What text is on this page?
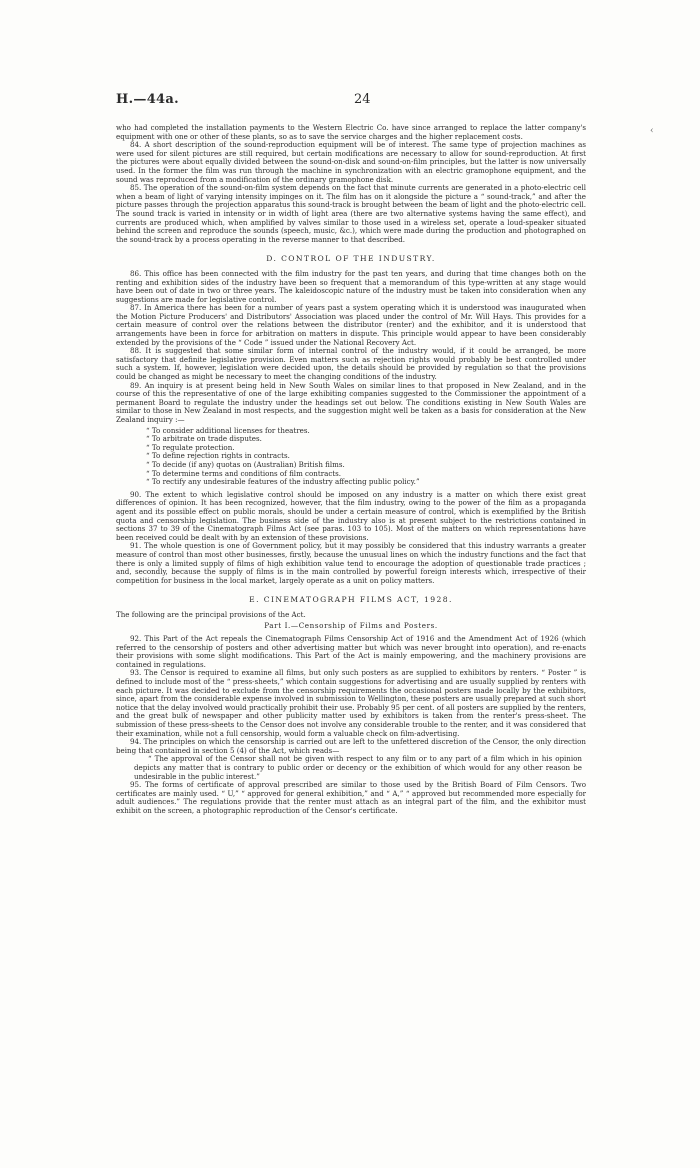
H.—44a.	24
‹

who had completed the installation payments to the Western Electric Co. have since arranged to replace the latter company's equipment with one or other of these plants, so as to save the service charges and the higher replacement costs.

84. A short description of the sound-reproduction equipment will be of interest. The same type of projection machines as were used for silent pictures are still required, but certain modifications are necessary to allow for sound-reproduction. At first the pictures were about equally divided between the sound-on-disk and sound-on-film principles, but the latter is now universally used. In the former the film was run through the machine in synchronization with an electric gramophone equipment, and the sound was reproduced from a modification of the ordinary gramophone disk.

85. The operation of the sound-on-film system depends on the fact that minute currents are generated in a photo-electric cell when a beam of light of varying intensity impinges on it. The film has on it alongside the picture a “ sound-track,” and after the picture passes through the projection apparatus this sound-track is brought between the beam of light and the photo-electric cell. The sound track is varied in intensity or in width of light area (there are two alternative systems having the same effect), and currents are produced which, when amplified by valves similar to those used in a wireless set, operate a loud-speaker situated behind the screen and reproduce the sounds (speech, music, &c.), which were made during the production and photographed on the sound-track by a process operating in the reverse manner to that described.

D. CONTROL OF THE INDUSTRY.

86. This office has been connected with the film industry for the past ten years, and during that time changes both on the renting and exhibition sides of the industry have been so frequent that a memorandum of this type-written at any stage would have been out of date in two or three years. The kaleidoscopic nature of the industry must be taken into consideration when any suggestions are made for legislative control.

87. In America there has been for a number of years past a system operating which it is understood was inaugurated when the Motion Picture Producers' and Distributors' Association was placed under the control of Mr. Will Hays. This provides for a certain measure of control over the relations between the distributor (renter) and the exhibitor, and it is understood that arrangements have been in force for arbitration on matters in dispute. This principle would appear to have been considerably extended by the provisions of the “ Code ” issued under the National Recovery Act.

88. It is suggested that some similar form of internal control of the industry would, if it could be arranged, be more satisfactory that definite legislative provision. Even matters such as rejection rights would probably be best controlled under such a system. If, however, legislation were decided upon, the details should be provided by regulation so that the provisions could be changed as might be necessary to meet the changing conditions of the industry.

89. An inquiry is at present being held in New South Wales on similar lines to that proposed in New Zealand, and in the course of this the representative of one of the large exhibiting companies suggested to the Commissioner the appointment of a permanent Board to regulate the industry under the headings set out below. The conditions existing in New South Wales are similar to those in New Zealand in most respects, and the suggestion might well be taken as a basis for consideration at the New Zealand inquiry :—

“ To consider additional licenses for theatres.
“ To arbitrate on trade disputes.
“ To regulate protection.
“ To define rejection rights in contracts.
“ To decide (if any) quotas on (Australian) British films.
“ To determine terms and conditions of film contracts.
“ To rectify any undesirable features of the industry affecting public policy.”

90. The extent to which legislative control should be imposed on any industry is a matter on which there exist great differences of opinion. It has been recognized, however, that the film industry, owing to the power of the film as a propaganda agent and its possible effect on public morals, should be under a certain measure of control, which is exemplified by the British quota and censorship legislation. The business side of the industry also is at present subject to the restrictions contained in sections 37 to 39 of the Cinematograph Films Act (see paras. 103 to 105). Most of the matters on which representations have been received could be dealt with by an extension of these provisions.

91. The whole question is one of Government policy, but it may possibly be considered that this industry warrants a greater measure of control than most other businesses, firstly, because the unusual lines on which the industry functions and the fact that there is only a limited supply of films of high exhibition value tend to encourage the adoption of questionable trade practices ; and, secondly, because the supply of films is in the main controlled by powerful foreign interests which, irrespective of their competition for business in the local market, largely operate as a unit on policy matters.

E. CINEMATOGRAPH FILMS ACT, 1928.

The following are the principal provisions of the Act.

Part I.—Censorship of Films and Posters.

92. This Part of the Act repeals the Cinematograph Films Censorship Act of 1916 and the Amendment Act of 1926 (which referred to the censorship of posters and other advertising matter but which was never brought into operation), and re-enacts their provisions with some slight modifications. This Part of the Act is mainly empowering, and the machinery provisions are contained in regulations.

93. The Censor is required to examine all films, but only such posters as are supplied to exhibitors by renters. “ Poster ” is defined to include most of the “ press-sheets,” which contain suggestions for advertising and are usually supplied by renters with each picture. It was decided to exclude from the censorship requirements the occasional posters made locally by the exhibitors, since, apart from the considerable expense involved in submission to Wellington, these posters are usually prepared at such short notice that the delay involved would practically prohibit their use. Probably 95 per cent. of all posters are supplied by the renters, and the great bulk of newspaper and other publicity matter used by exhibitors is taken from the renter's press-sheet. The submission of these press-sheets to the Censor does not involve any considerable trouble to the renter, and it was considered that their examination, while not a full censorship, would form a valuable check on film-advertising.

94. The principles on which the censorship is carried out are left to the unfettered discretion of the Censor, the only direction being that contained in section 5 (4) of the Act, which reads—

“ The approval of the Censor shall not be given with respect to any film or to any part of a film which in his opinion depicts any matter that is contrary to public order or decency or the exhibition of which would for any other reason be undesirable in the public interest.”

95. The forms of certificate of approval prescribed are similar to those used by the British Board of Film Censors. Two certificates are mainly used. “ U,” “ approved for general exhibition,” and “ A,” “ approved but recommended more especially for adult audiences.” The regulations provide that the renter must attach as an integral part of the film, and the exhibitor must exhibit on the screen, a photographic reproduction of the Censor's certificate.
